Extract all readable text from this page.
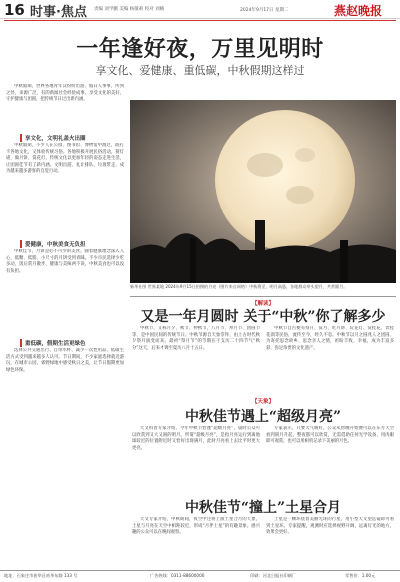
16 时事·焦点 责编 刘学鹏 美编 杨敏莉 校对 刘楠	2024年9月17日 星期二	燕赵晚报
一年逢好夜，万里见明时
享文化、爱健康、重低碳，中秋假期这样过

中秋假期，世界各地青年汉纷纷出游，假日人事事，所到之处，来源广泛，有的新闻社会经验成事。享受文化的美好，守护健康与团圆，把传统节日过出新内涵。

享文化，文明礼盖火出圈

中秋假期，不少人在公园、图书馆、博物馆中渡过，既打卡各地文化，又体验传统习俗。各地积极开展民俗活动，猜灯谜、做月饼、赏花灯，传统文化以更加年轻的姿态走进生活，让团圆佳节有了新内涵。文明出游、礼让排队、垃圾带走，成为越来越多游客的自觉行动。

爱健康，中秋美食无负担

中秋佳节，月饼是必不可少的美食。随着健康理念深入人心，低糖、低脂、小尺寸的月饼受到青睐。不少市民选择少吃多动，饭后赏月散步，健康与美味两不误，中秋美食也可以没有负担。

重低碳，假期生活更绿色

选择公共交通出行、自带水杯、减少一次性用品，低碳生活方式受到越来越多人认可。节日期间，不少家庭选择就近游玩，在城市公园、郊野绿地中感受秋日之美，让节日假期更加绿色环保。

新华社图 世界某地 2024年9月15日拍摄的月亮（图片来自网络）中秋将至，明月高悬，各地群众举头望月、共赏圆月。
【解读】
又是一年月圆时 关于“中秋”你了解多少

中秋节，又称月夕、秋节、仲秋节、八月节、拜月节、团圆节等，是中国民间的传统节日。中秋节源自天象崇拜，由上古时代秋夕祭月演变而来。最初“祭月节”的节期在干支历二十四节气“秋分”这天，后来才调至夏历八月十五日。

中秋节自古便有祭月、赏月、吃月饼、玩花灯、赏桂花、饮桂花酒等民俗，流传至今，经久不息。中秋节以月之圆兆人之团圆，为寄托思念故乡、思念亲人之情，祈盼丰收、幸福，成为丰富多彩、弥足珍贵的文化遗产。

【天象】
中秋佳节遇上“超级月亮”

天文科普专家介绍，今年中秋节恰逢“超级月亮”，届时公众可以欣赏到又大又圆的明月。所谓“超级月亮”，是指月亮运行到离地球较近的位置附近时又恰好出现满月，此时月亮看上去比平时更大更亮。

专家表示，只要天气晴好，公众从傍晚开始便可以在东方天空看到圆月升起，整夜都可以欣赏，无需借助任何光学设备，用肉眼即可观赏，也可以用相机记录下美丽的月色。

中秋佳节“撞上”土星合月

天文专家介绍，中秋期间，夜空中还将上演土星合月的天象，土星与月亮在天空中相距较近，形成“月伴土星”的有趣景象。感兴趣的公众可以在晚间观察。

土星是一颗环绕着美丽光环的行星，用小型天文望远镜即可看到土星环。专家提醒，观测时应选择视野开阔、远离灯光的地方，效果会更好。

地址：石家庄市裕华区裕华东路 133 号	广告热线：0311-88600000	印刷：河北日报社印刷厂	零售价：1.00元
